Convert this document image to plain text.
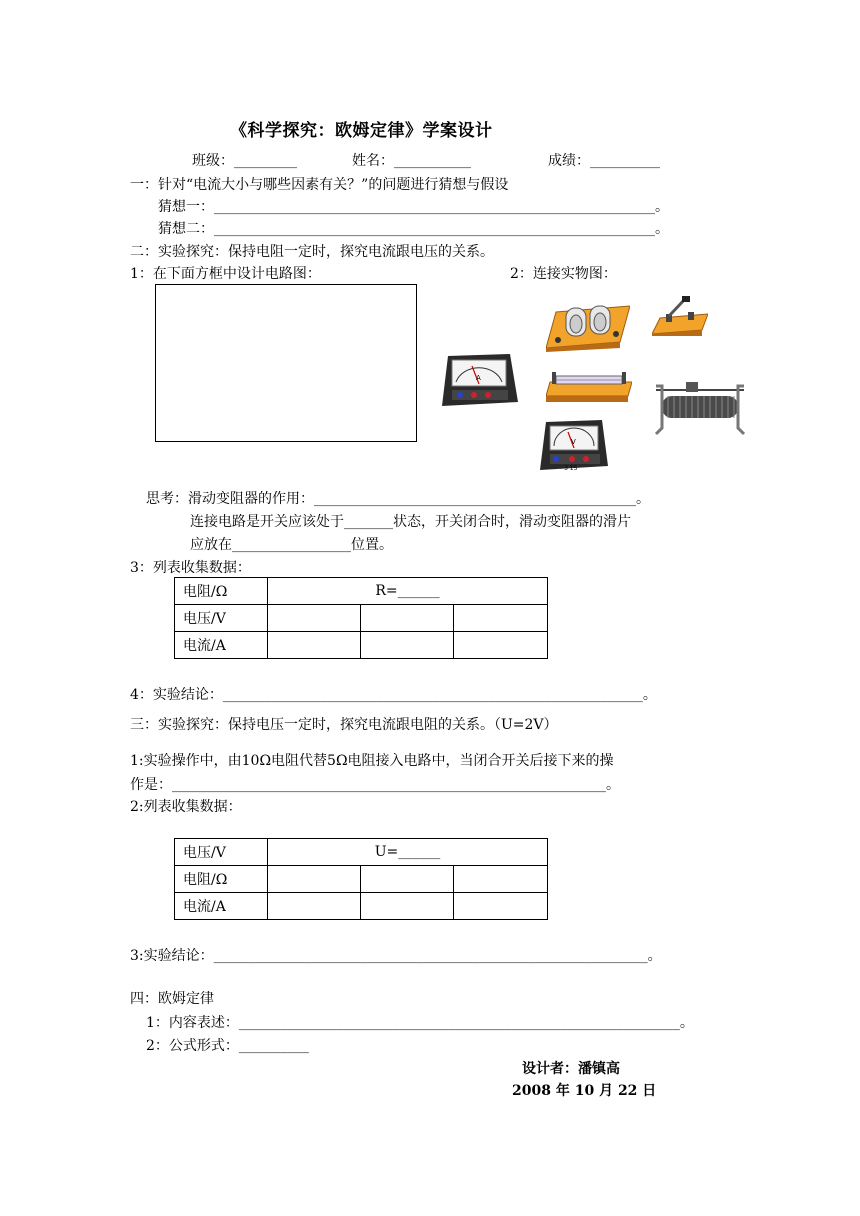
《科学探究：欧姆定律》学案设计
班级：_________	姓名：___________	成绩：__________
一：针对“电流大小与哪些因素有关？”的问题进行猜想与假设
猜想一：_______________________________________________________________。
猜想二：_______________________________________________________________。
二：实验探究：保持电阻一定时，探究电流跟电压的关系。
1：在下面方框中设计电路图：	2：连接实物图：
A
V
- 3 15
思考：滑动变阻器的作用：______________________________________________。
连接电路是开关应该处于_______状态，开关闭合时，滑动变阻器的滑片
应放在_________________位置。
3：列表收集数据：
电阻/Ω	R=______		
电压/V			
电流/A			
4：实验结论：____________________________________________________________。
三：实验探究：保持电压一定时，探究电流跟电阻的关系。（U=2V）
1:实验操作中，由10Ω电阻代替5Ω电阻接入电路中，当闭合开关后接下来的操
作是：______________________________________________________________。
2:列表收集数据：
电压/V	U=______		
电阻/Ω			
电流/A			
3:实验结论：______________________________________________________________。
四：欧姆定律
1：内容表述：_______________________________________________________________。
2：公式形式：__________
设计者：潘镇高
2008 年 10 月 22 日
